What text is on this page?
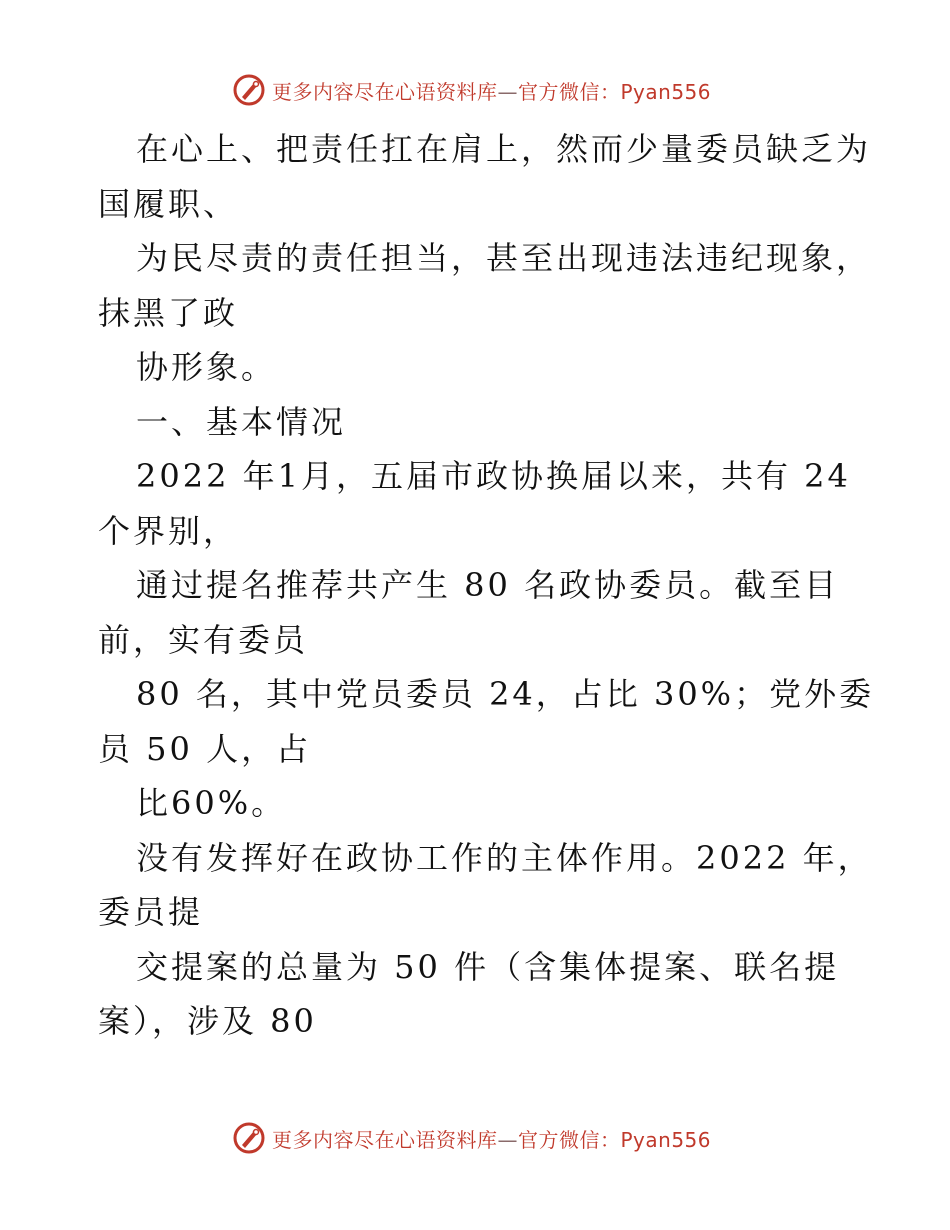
更多内容尽在心语资料库—官方微信：Pyan556
在心上、把责任扛在肩上，然而少量委员缺乏为
国履职、
为民尽责的责任担当，甚至出现违法违纪现象，
抹黑了政
协形象。
一、基本情况
2022 年1月，五届市政协换届以来，共有 24
个界别，
通过提名推荐共产生 80 名政协委员。截至目
前，实有委员
80 名，其中党员委员 24，占比 30%；党外委
员 50 人，占
比60%。
没有发挥好在政协工作的主体作用。2022 年，
委员提
交提案的总量为 50 件（含集体提案、联名提
案），涉及 80
更多内容尽在心语资料库—官方微信：Pyan556
